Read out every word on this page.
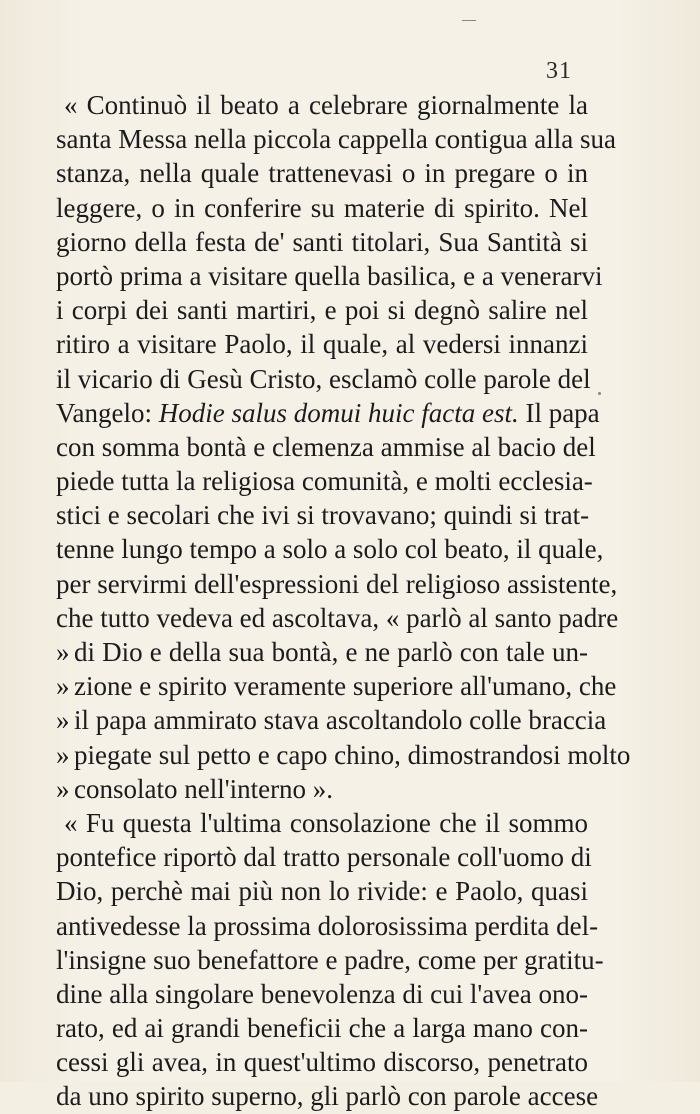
31
« Continuò il beato a celebrare giornalmente la
santa Messa nella piccola cappella contigua alla sua
stanza, nella quale trattenevasi o in pregare o in
leggere, o in conferire su materie di spirito. Nel
giorno della festa de' santi titolari, Sua Santità si
portò prima a visitare quella basilica, e a venerarvi
i corpi dei santi martiri, e poi si degnò salire nel
ritiro a visitare Paolo, il quale, al vedersi innanzi
il vicario di Gesù Cristo, esclamò colle parole del
Vangelo: Hodie salus domui huic facta est. Il papa
con somma bontà e clemenza ammise al bacio del
piede tutta la religiosa comunità, e molti ecclesia-
stici e secolari che ivi si trovavano; quindi si trat-
tenne lungo tempo a solo a solo col beato, il quale,
per servirmi dell'espressioni del religioso assistente,
che tutto vedeva ed ascoltava, « parlò al santo padre
» di Dio e della sua bontà, e ne parlò con tale un-
» zione e spirito veramente superiore all'umano, che
» il papa ammirato stava ascoltandolo colle braccia
» piegate sul petto e capo chino, dimostrandosi molto
» consolato nell'interno ».
« Fu questa l'ultima consolazione che il sommo
pontefice riportò dal tratto personale coll'uomo di
Dio, perchè mai più non lo rivide: e Paolo, quasi
antivedesse la prossima dolorosissima perdita del-
l'insigne suo benefattore e padre, come per gratitu-
dine alla singolare benevolenza di cui l'avea ono-
rato, ed ai grandi beneficii che a larga mano con-
cessi gli avea, in quest'ultimo discorso, penetrato
da uno spirito superno, gli parlò con parole accese
